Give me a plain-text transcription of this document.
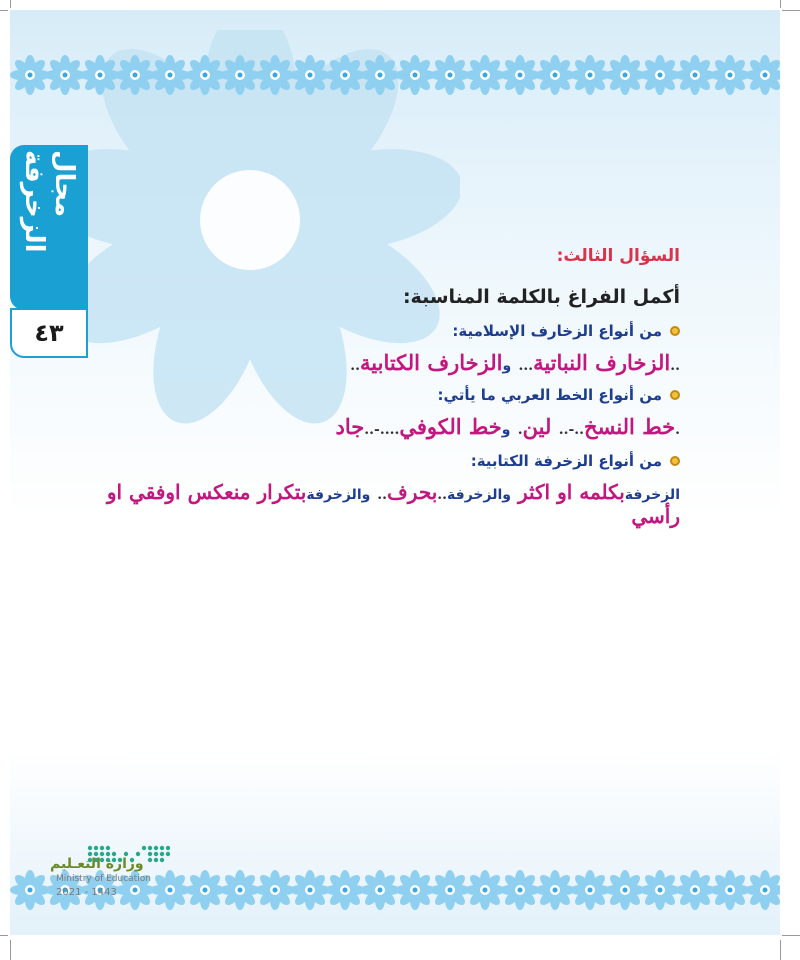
وزارة التعـليم
Ministry of Education
2021 - 1443
مجال الزخرفة
٤٣
السؤال الثالث:
أكمل الفراغ بالكلمة المناسبة:
من أنواع الزخارف الإسلامية:
..الزخارف النباتية... والزخارف الكتابية..
من أنواع الخط العربي ما يأتي:
.خط النسخ..-.. لين. وخط الكوفي....-..جاد
من أنواع الزخرفة الكتابية:
الزخرفةبكلمه او اكثر والزخرفة..بحرف.. والزخرفةبتكرار منعكس اوفقي او رأسي
